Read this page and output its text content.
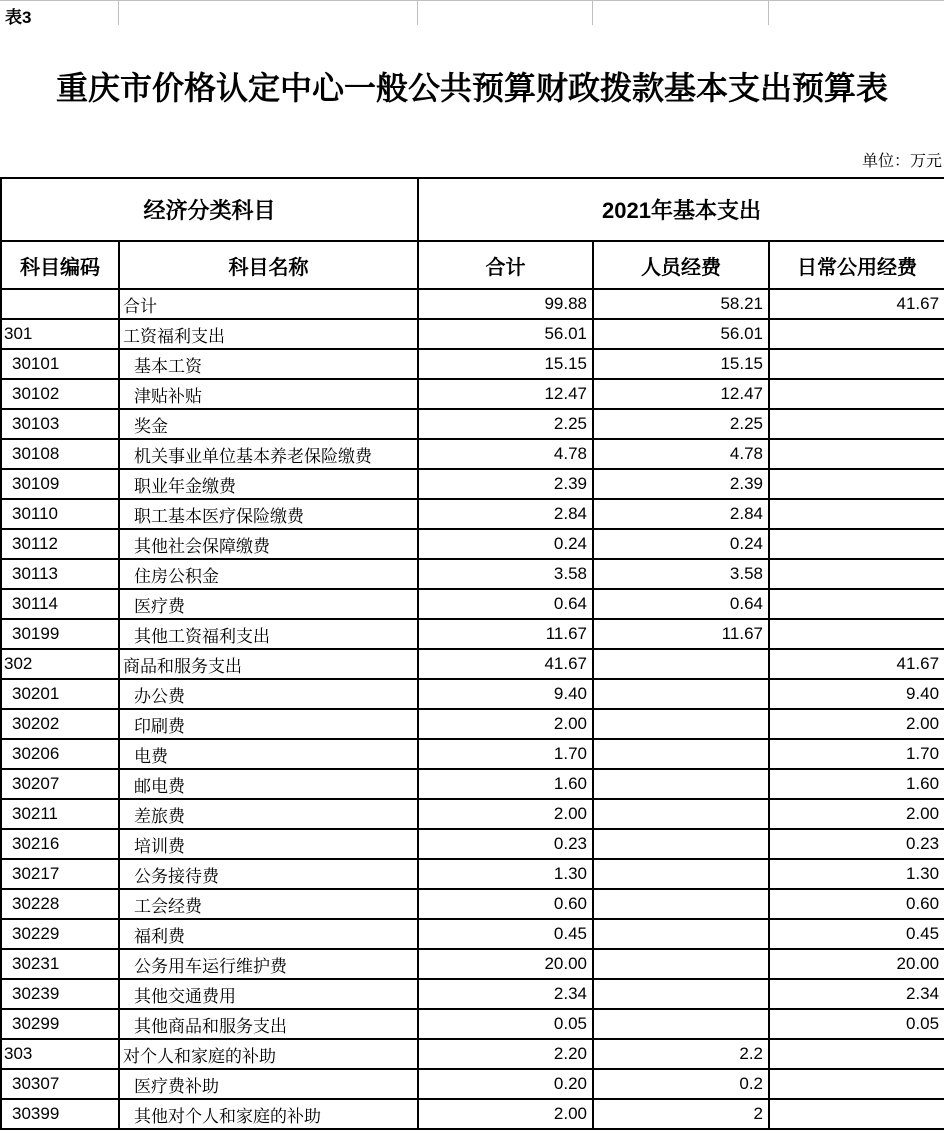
表3
重庆市价格认定中心一般公共预算财政拨款基本支出预算表
单位：万元
经济分类科目		2021年基本支出		
科目编码	科目名称	合计	人员经费	日常公用经费
	合计	99.88	58.21	41.67
301	工资福利支出	56.01	56.01	
30101	基本工资	15.15	15.15	
30102	津贴补贴	12.47	12.47	
30103	奖金	2.25	2.25	
30108	机关事业单位基本养老保险缴费	4.78	4.78	
30109	职业年金缴费	2.39	2.39	
30110	职工基本医疗保险缴费	2.84	2.84	
30112	其他社会保障缴费	0.24	0.24	
30113	住房公积金	3.58	3.58	
30114	医疗费	0.64	0.64	
30199	其他工资福利支出	11.67	11.67	
302	商品和服务支出	41.67		41.67
30201	办公费	9.40		9.40
30202	印刷费	2.00		2.00
30206	电费	1.70		1.70
30207	邮电费	1.60		1.60
30211	差旅费	2.00		2.00
30216	培训费	0.23		0.23
30217	公务接待费	1.30		1.30
30228	工会经费	0.60		0.60
30229	福利费	0.45		0.45
30231	公务用车运行维护费	20.00		20.00
30239	其他交通费用	2.34		2.34
30299	其他商品和服务支出	0.05		0.05
303	对个人和家庭的补助	2.20	2.2	
30307	医疗费补助	0.20	0.2	
30399	其他对个人和家庭的补助	2.00	2	
